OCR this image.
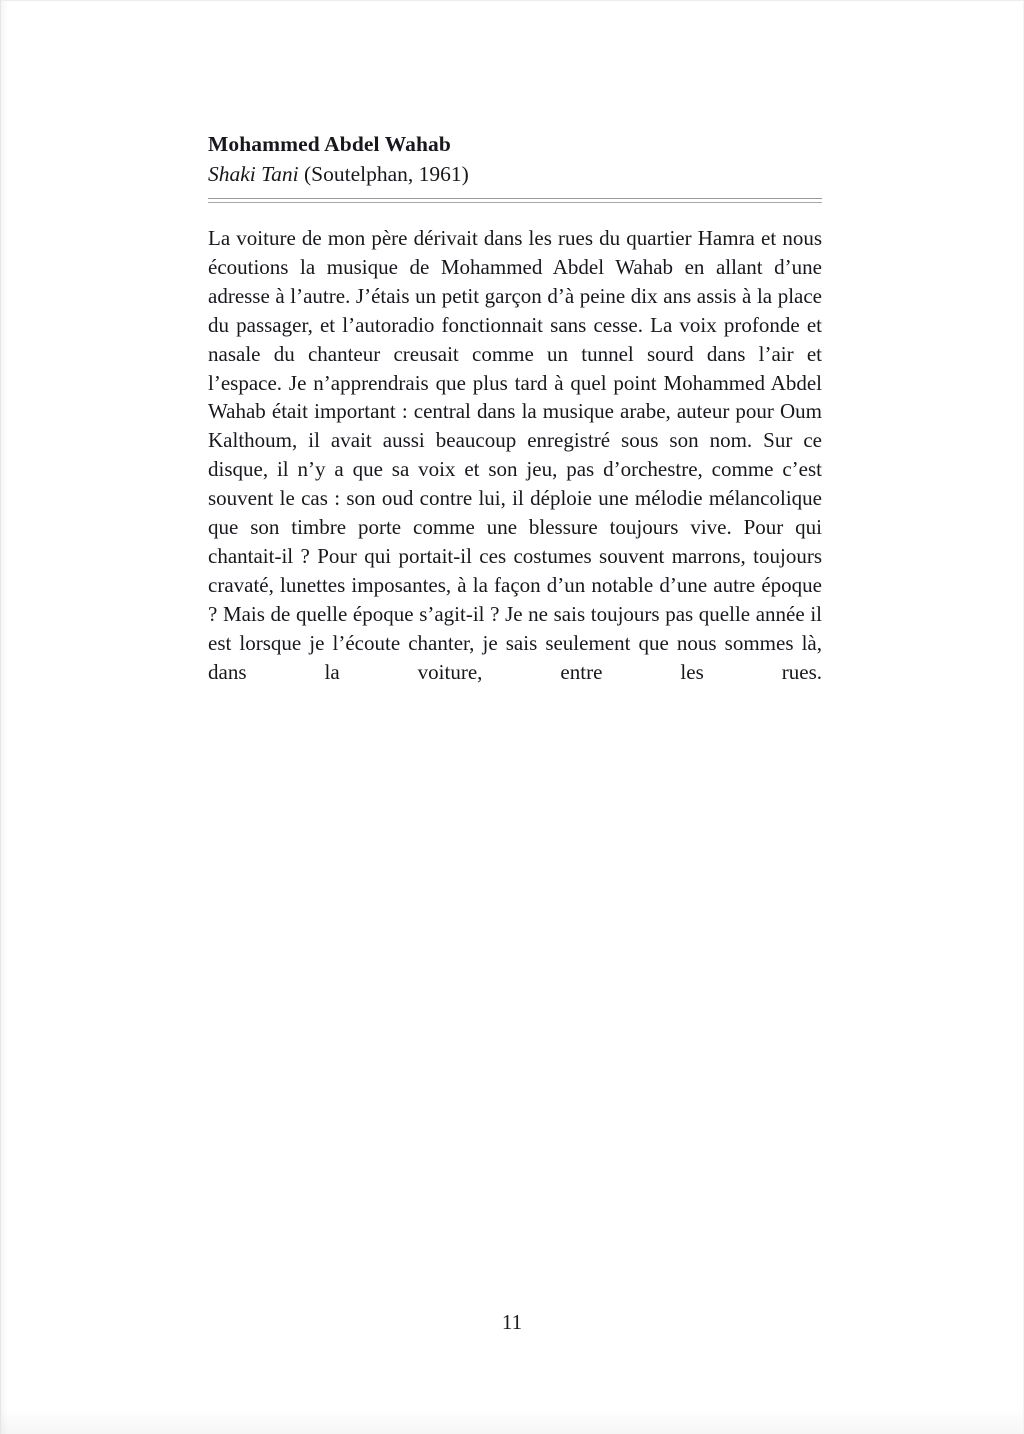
Mohammed Abdel Wahab
Shaki Tani (Soutelphan, 1961)

La voiture de mon père dérivait dans les rues du quartier Hamra et nous écoutions la musique de Mohammed Abdel Wahab en allant d’une adresse à l’autre. J’étais un petit garçon d’à peine dix ans assis à la place du passager, et l’autoradio fonctionnait sans cesse. La voix profonde et nasale du chanteur creusait comme un tunnel sourd dans l’air et l’espace. Je n’apprendrais que plus tard à quel point Mohammed Abdel Wahab était important : central dans la musique arabe, auteur pour Oum Kalthoum, il avait aussi beaucoup enregistré sous son nom. Sur ce disque, il n’y a que sa voix et son jeu, pas d’orchestre, comme c’est souvent le cas : son oud contre lui, il déploie une mélodie mélancolique que son timbre porte comme une blessure toujours vive. Pour qui chantait-il ? Pour qui portait-il ces costumes souvent marrons, toujours cravaté, lunettes imposantes, à la façon d’un notable d’une autre époque ? Mais de quelle époque s’agit-il ? Je ne sais toujours pas quelle année il est lorsque je l’écoute chanter, je sais seulement que nous sommes là, dans la voiture, entre les rues.

11
